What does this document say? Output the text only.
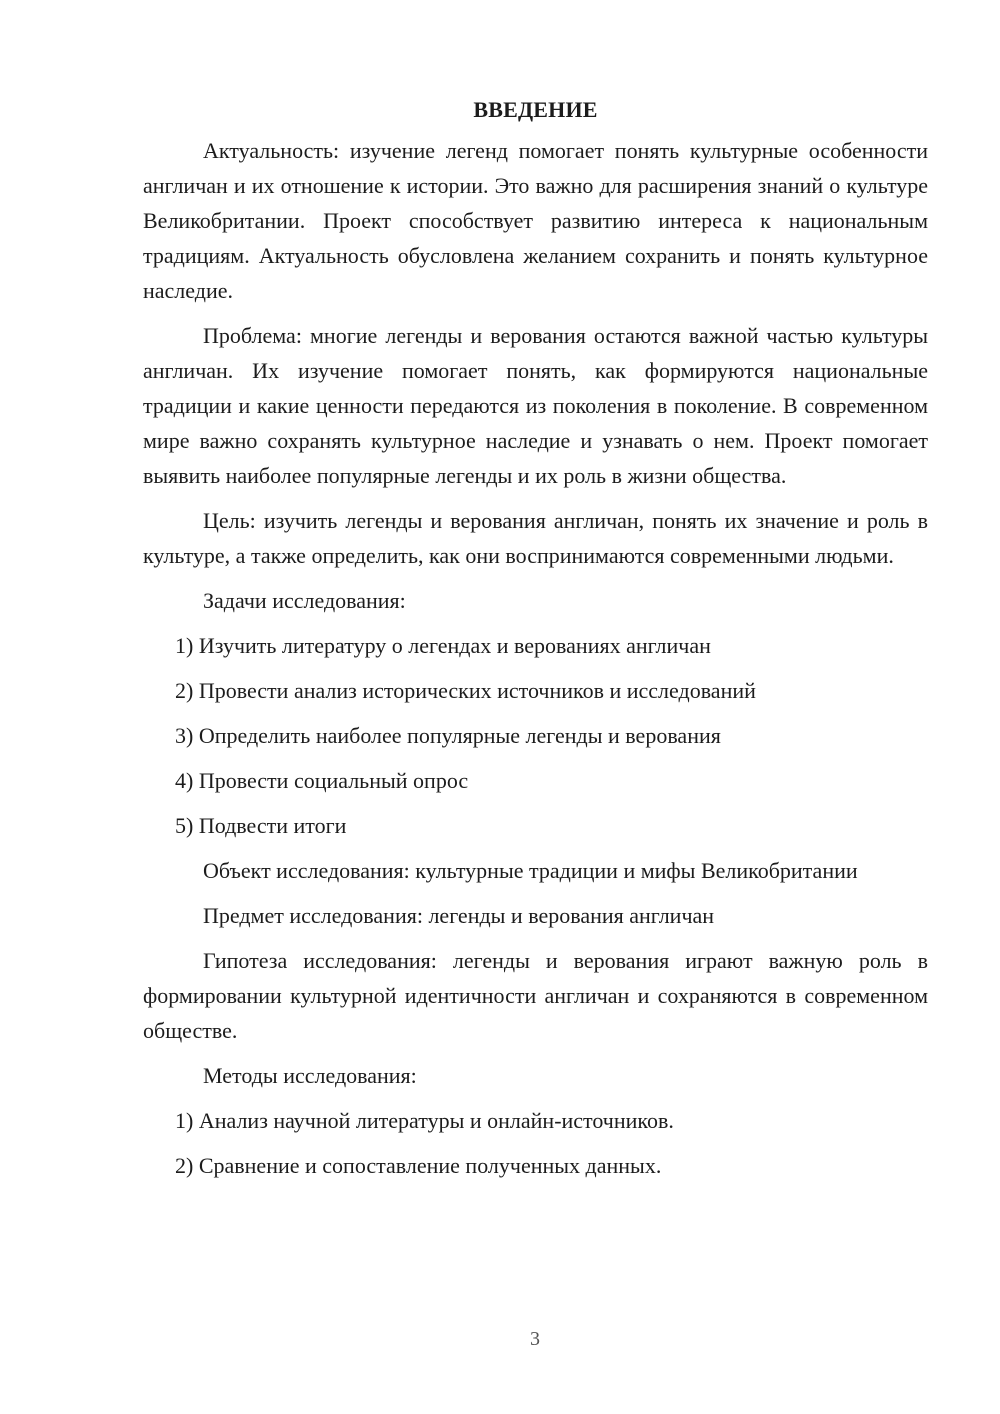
ВВЕДЕНИЕ

Актуальность: изучение легенд помогает понять культурные особенности англичан и их отношение к истории. Это важно для расширения знаний о культуре Великобритании. Проект способствует развитию интереса к национальным традициям. Актуальность обусловлена желанием сохранить и понять культурное наследие.

Проблема: многие легенды и верования остаются важной частью культуры англичан. Их изучение помогает понять, как формируются национальные традиции и какие ценности передаются из поколения в поколение. В современном мире важно сохранять культурное наследие и узнавать о нем. Проект помогает выявить наиболее популярные легенды и их роль в жизни общества.

Цель: изучить легенды и верования англичан, понять их значение и роль в культуре, а также определить, как они воспринимаются современными людьми.

Задачи исследования:

1) Изучить литературу о легендах и верованиях англичан

2) Провести анализ исторических источников и исследований

3) Определить наиболее популярные легенды и верования

4) Провести социальный опрос

5) Подвести итоги

Объект исследования: культурные традиции и мифы Великобритании

Предмет исследования: легенды и верования англичан

Гипотеза исследования: легенды и верования играют важную роль в формировании культурной идентичности англичан и сохраняются в современном обществе.

Методы исследования:

1) Анализ научной литературы и онлайн-источников.

2) Сравнение и сопоставление полученных данных.

3
